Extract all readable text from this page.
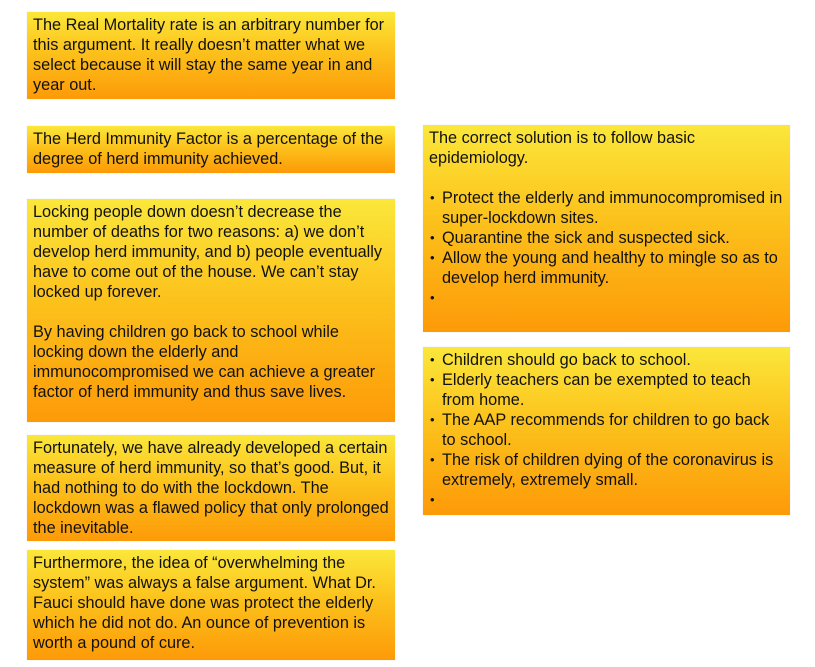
The Real Mortality rate is an arbitrary number for this argument. It really doesn’t matter what we select because it will stay the same year in and year out.
The Herd Immunity Factor is a percentage of the degree of herd immunity achieved.
Locking people down doesn’t decrease the number of deaths for two reasons: a) we don’t develop herd immunity, and b) people eventually have to come out of the house. We can’t stay locked up forever.
By having children go back to school while locking down the elderly and immunocompromised we can achieve a greater factor of herd immunity and thus save lives.
Fortunately, we have already developed a certain measure of herd immunity, so that’s good. But, it had nothing to do with the lockdown. The lockdown was a flawed policy that only prolonged the inevitable.
Furthermore, the idea of “overwhelming the system” was always a false argument. What Dr. Fauci should have done was protect the elderly which he did not do. An ounce of prevention is worth a pound of cure.
The correct solution is to follow basic epidemiology.
• Protect the elderly and immunocompromised in super-lockdown sites.
• Quarantine the sick and suspected sick.
• Allow the young and healthy to mingle so as to develop herd immunity.
•
• Children should go back to school.
• Elderly teachers can be exempted to teach from home.
• The AAP recommends for children to go back to school.
• The risk of children dying of the coronavirus is extremely, extremely small.
•
